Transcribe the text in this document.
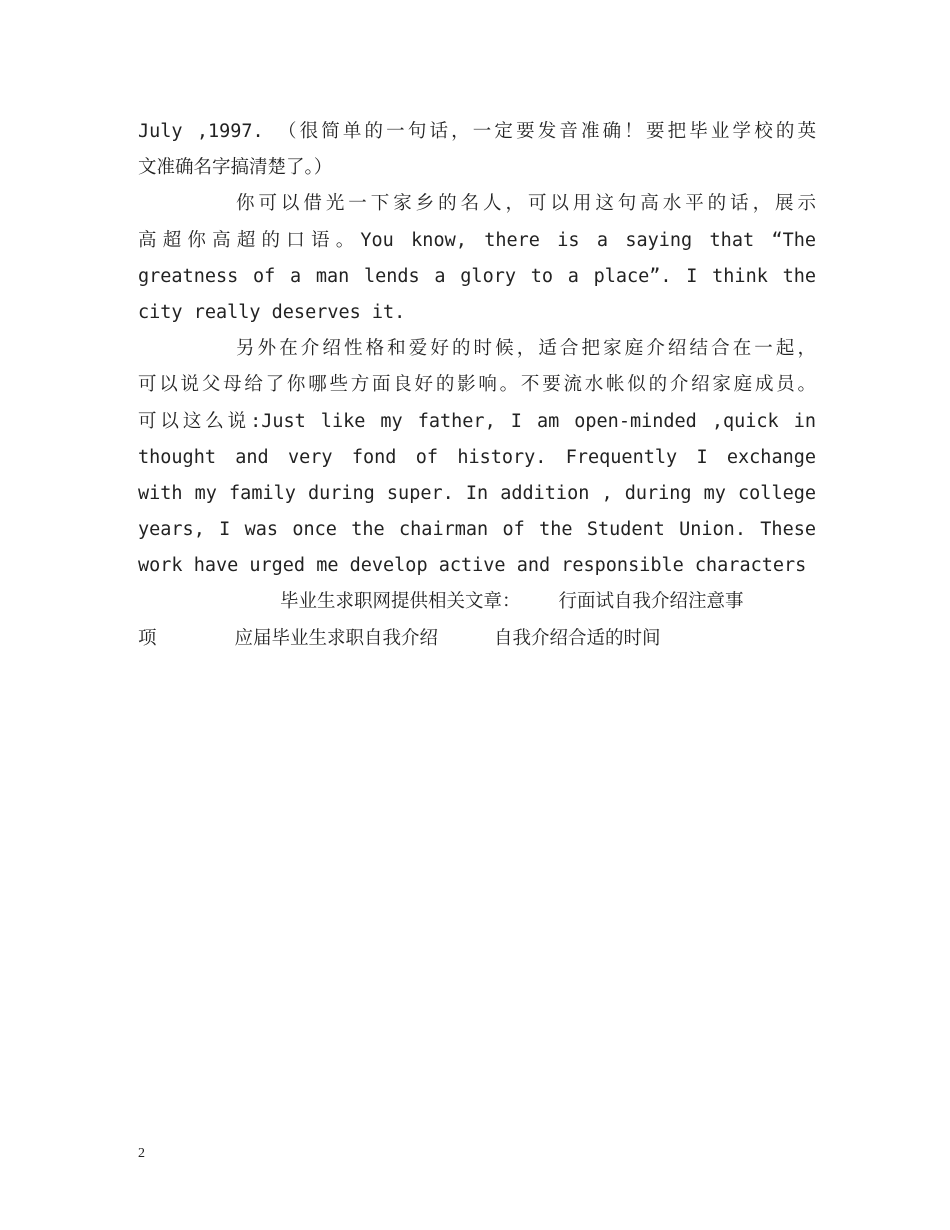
July ,1997. （很简单的一句话，一定要发音准确！要把毕业学校的英
文准确名字搞清楚了。）
你可以借光一下家乡的名人，可以用这句高水平的话，展示
高超你高超的口语。You know, there is a saying that “The
greatness of a man lends a glory to a place”. I think the
city really deserves it.
另外在介绍性格和爱好的时候，适合把家庭介绍结合在一起，
可以说父母给了你哪些方面良好的影响。不要流水帐似的介绍家庭成员。
可以这么说:Just like my father, I am open-minded ,quick in
thought and very fond of history. Frequently I exchange
with my family during super. In addition , during my college
years, I was once the chairman of the Student Union. These
work have urged me develop active and responsible characters
毕业生求职网提供相关文章： 行面试自我介绍注意事
项	应届毕业生求职自我介绍	自我介绍合适的时间
2
